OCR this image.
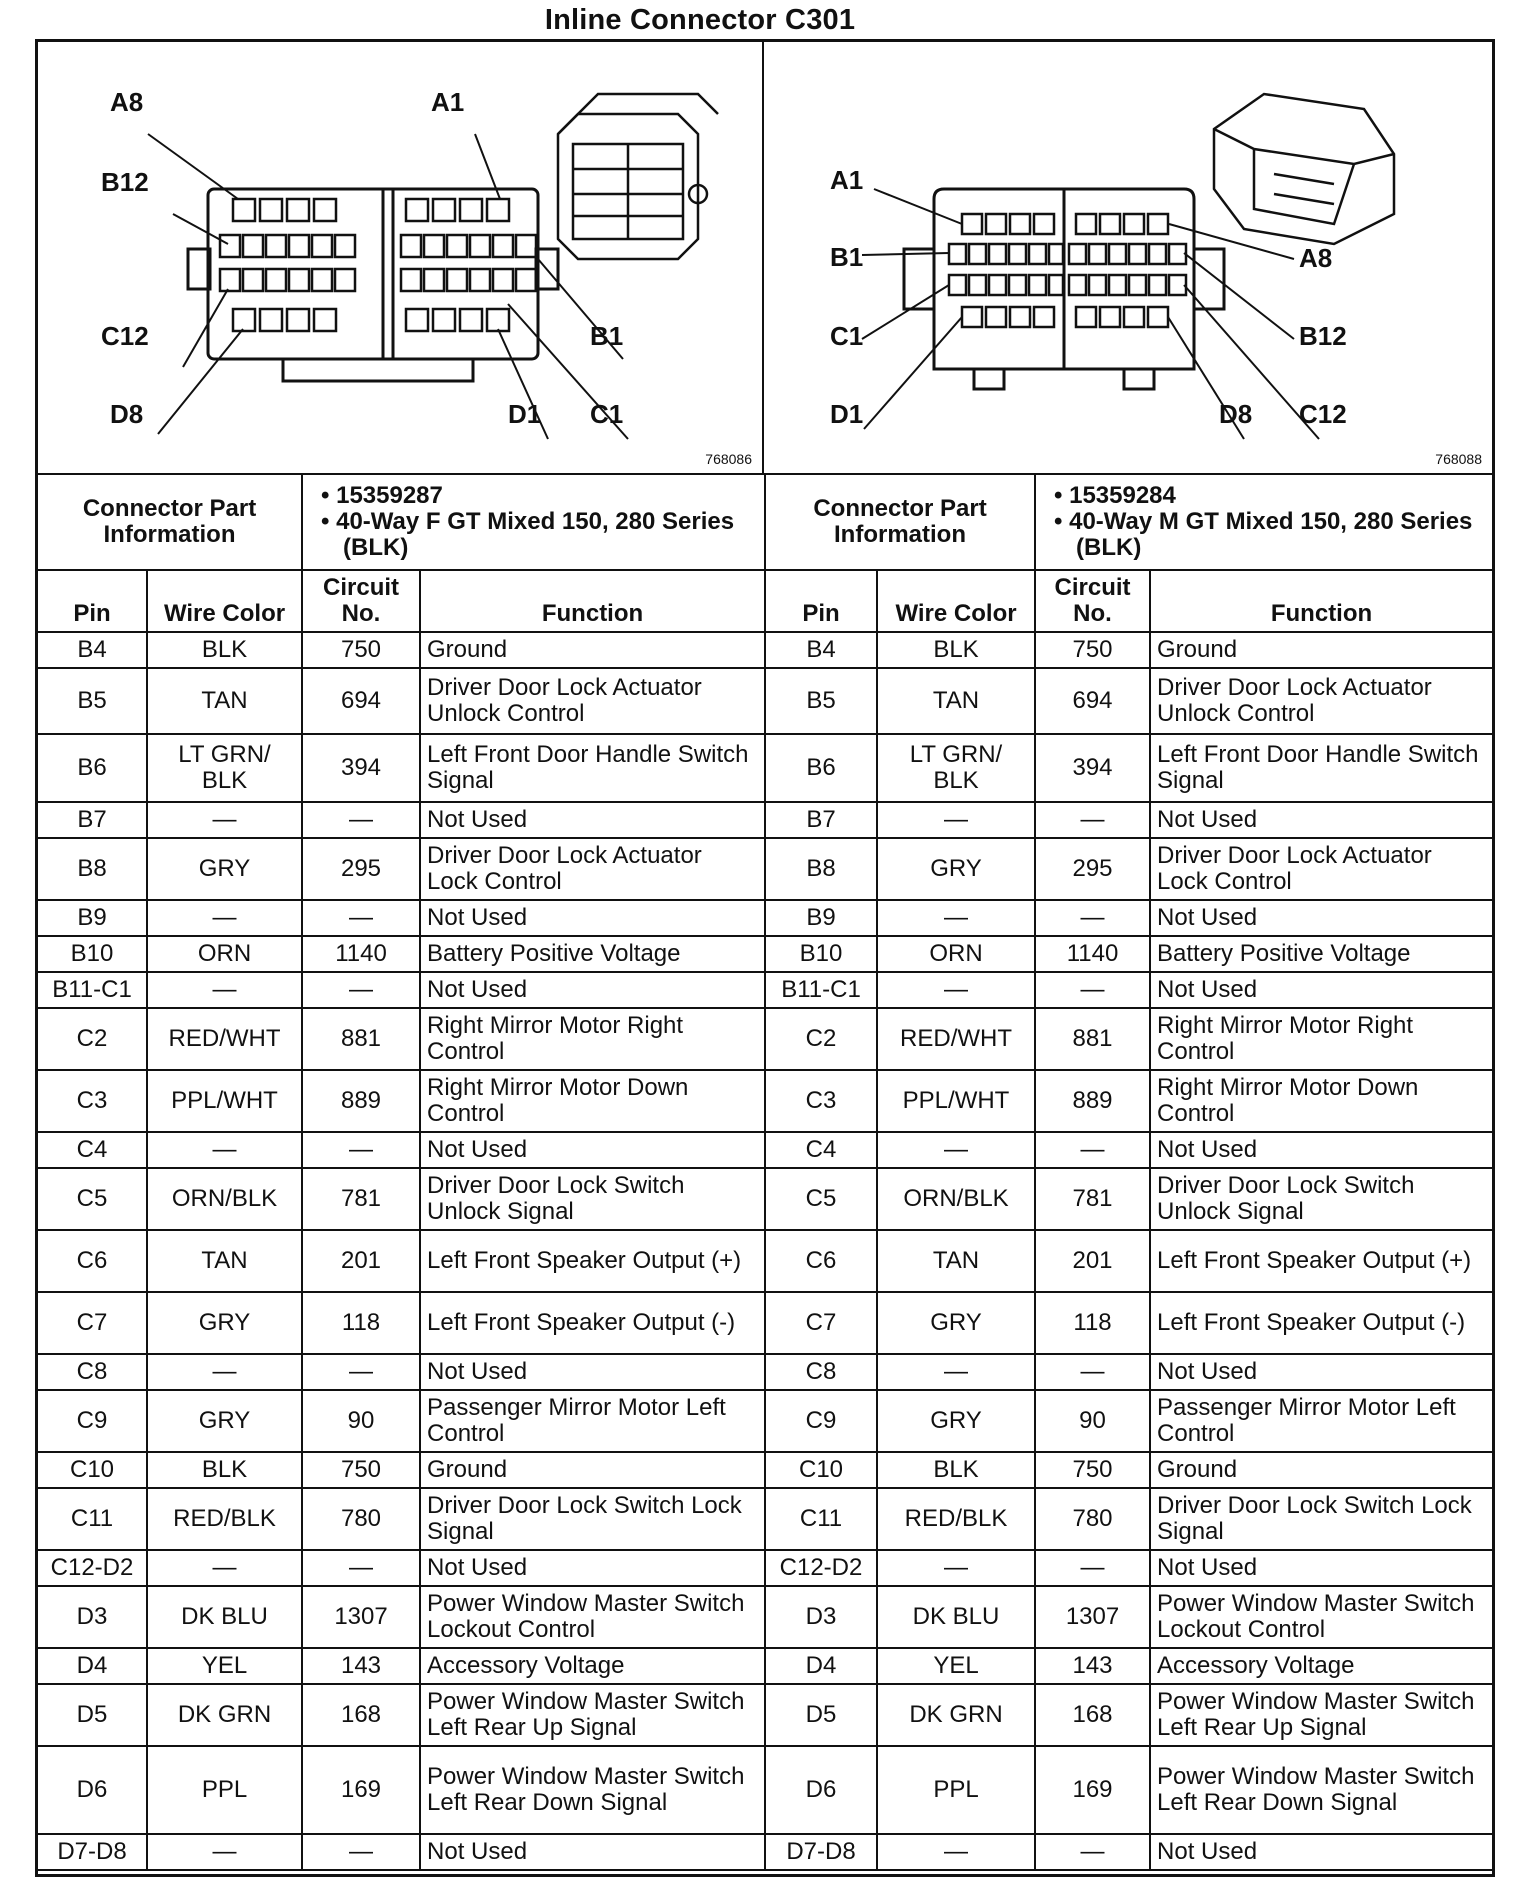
Inline Connector C301
A8	A1
B12
B1
C12
C1
D8	D1
768086
A1
A8
B1
B12
C1
C12
D1	D8
768088
Connector Part Information		• 15359287
• 40-Way F GT Mixed 150, 280 Series (BLK)	

Pin	Wire Color	Circuit No.	Function
B4	BLK	750	Ground
B5	TAN	694	Driver Door Lock Actuator Unlock Control
B6	LT GRN/ BLK	394	Left Front Door Handle Switch Signal
B7	—	—	Not Used
B8	GRY	295	Driver Door Lock Actuator Lock Control
B9	—	—	Not Used
B10	ORN	1140	Battery Positive Voltage
B11-C1	—	—	Not Used
C2	RED/WHT	881	Right Mirror Motor Right Control
C3	PPL/WHT	889	Right Mirror Motor Down Control
C4	—	—	Not Used
C5	ORN/BLK	781	Driver Door Lock Switch Unlock Signal
C6	TAN	201	Left Front Speaker Output (+)
C7	GRY	118	Left Front Speaker Output (-)
C8	—	—	Not Used
C9	GRY	90	Passenger Mirror Motor Left Control
C10	BLK	750	Ground
C11	RED/BLK	780	Driver Door Lock Switch Lock Signal
C12-D2	—	—	Not Used
D3	DK BLU	1307	Power Window Master Switch Lockout Control
D4	YEL	143	Accessory Voltage
D5	DK GRN	168	Power Window Master Switch Left Rear Up Signal
D6	PPL	169	Power Window Master Switch Left Rear Down Signal
D7-D8	—	—	Not Used
Connector Part Information		• 15359284
• 40-Way M GT Mixed 150, 280 Series (BLK)	

Pin	Wire Color	Circuit No.	Function
B4	BLK	750	Ground
B5	TAN	694	Driver Door Lock Actuator Unlock Control
B6	LT GRN/ BLK	394	Left Front Door Handle Switch Signal
B7	—	—	Not Used
B8	GRY	295	Driver Door Lock Actuator Lock Control
B9	—	—	Not Used
B10	ORN	1140	Battery Positive Voltage
B11-C1	—	—	Not Used
C2	RED/WHT	881	Right Mirror Motor Right Control
C3	PPL/WHT	889	Right Mirror Motor Down Control
C4	—	—	Not Used
C5	ORN/BLK	781	Driver Door Lock Switch Unlock Signal
C6	TAN	201	Left Front Speaker Output (+)
C7	GRY	118	Left Front Speaker Output (-)
C8	—	—	Not Used
C9	GRY	90	Passenger Mirror Motor Left Control
C10	BLK	750	Ground
C11	RED/BLK	780	Driver Door Lock Switch Lock Signal
C12-D2	—	—	Not Used
D3	DK BLU	1307	Power Window Master Switch Lockout Control
D4	YEL	143	Accessory Voltage
D5	DK GRN	168	Power Window Master Switch Left Rear Up Signal
D6	PPL	169	Power Window Master Switch Left Rear Down Signal
D7-D8	—	—	Not Used
